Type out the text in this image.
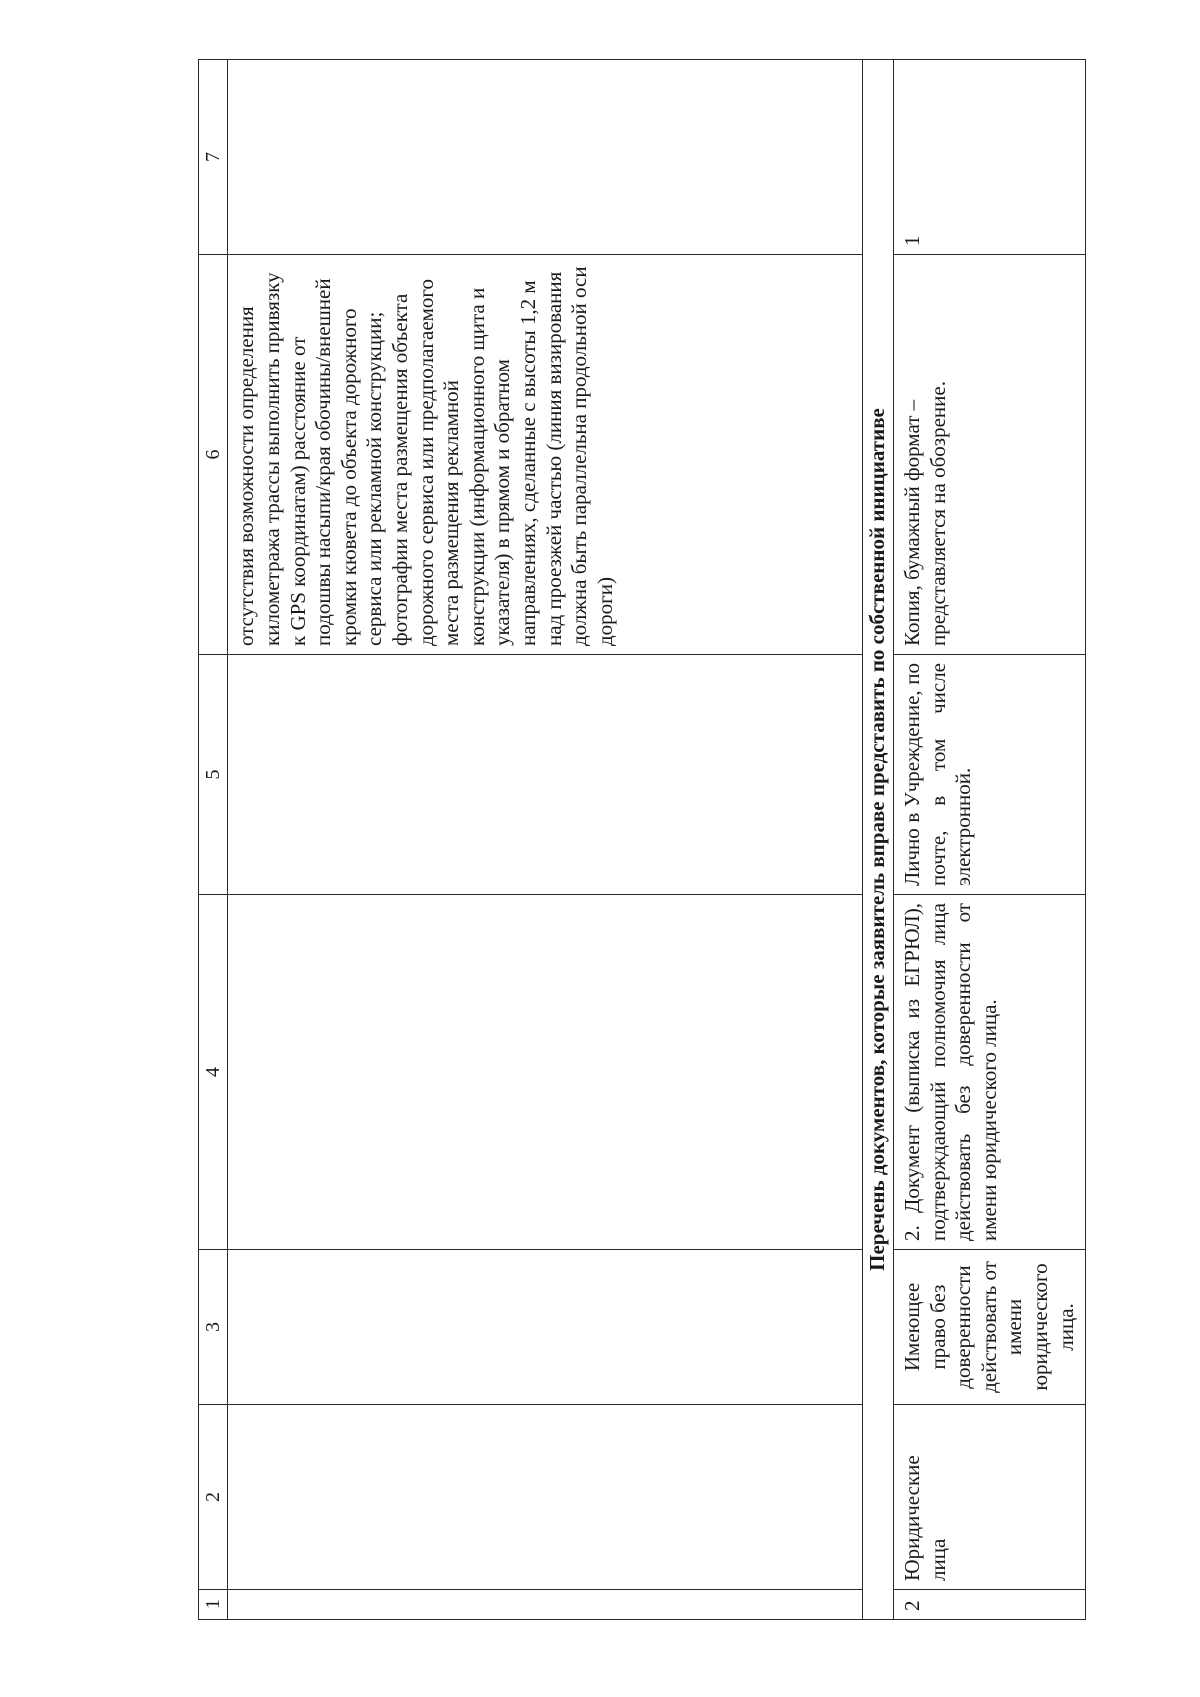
1	2	3	4	5	6	7
					отсутствия возможности определения километража трассы выполнить привязку к GPS координатам) расстояние от подошвы насыпи/края обочины/внешней кромки кювета до объекта дорожного сервиса или рекламной конструкции; фотографии места размещения объекта дорожного сервиса или предполагаемого места размещения рекламной конструкции (информационного щита и указателя) в прямом и обратном направлениях, сделанные с высоты 1,2 м над проезжей частью (линия визирования должна быть параллельна продольной оси дороги)	
Перечень документов, которые заявитель вправе представить по собственной инициативе						
2	Юридические лица	Имеющее право без доверенности действовать от имени юридического лица.	2. Документ (выписка из ЕГРЮЛ), подтверждающий полномочия лица действовать без доверенности от имени юридического лица.	Лично в Учреждение, по почте, в том числе электронной.	Копия, бумажный формат – представляется на обозрение.	1
